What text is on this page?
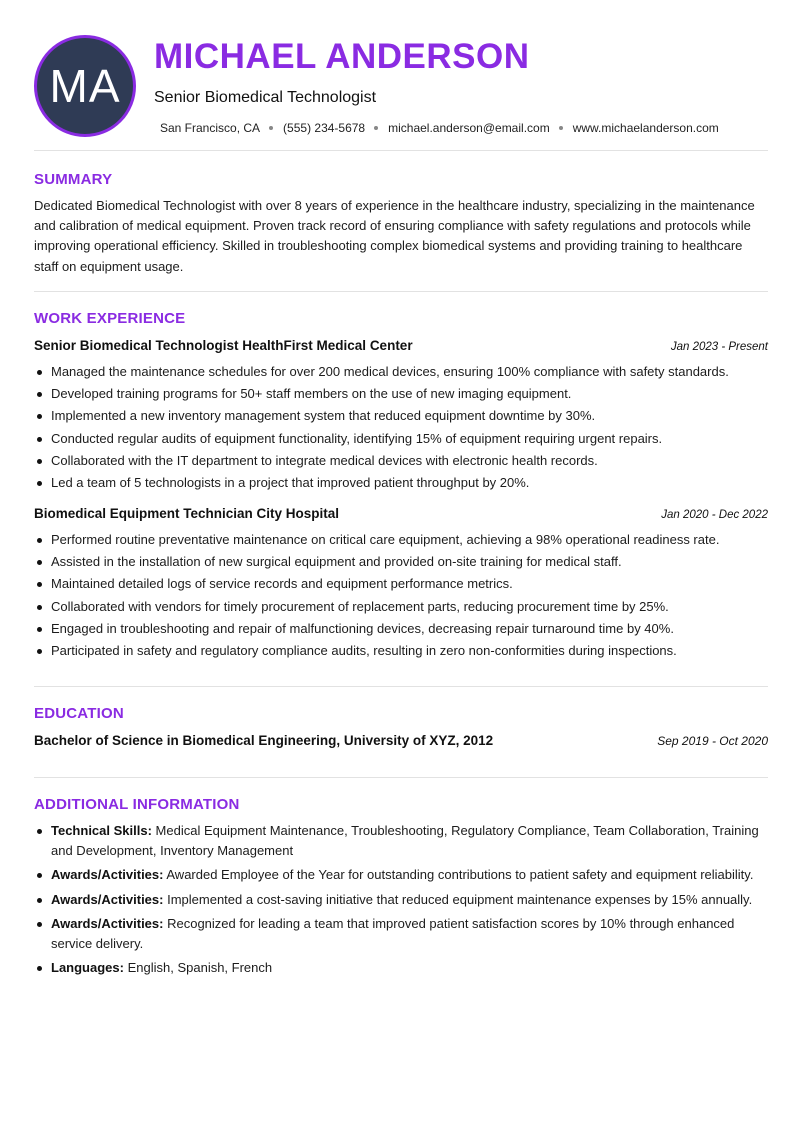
MA
MICHAEL ANDERSON
Senior Biomedical Technologist
San Francisco, CA (555) 234-5678 michael.anderson@email.com www.michaelanderson.com
SUMMARY
Dedicated Biomedical Technologist with over 8 years of experience in the healthcare industry, specializing in the maintenance and calibration of medical equipment. Proven track record of ensuring compliance with safety regulations and protocols while improving operational efficiency. Skilled in troubleshooting complex biomedical systems and providing training to healthcare staff on equipment usage.
WORK EXPERIENCE
Senior Biomedical Technologist HealthFirst Medical Center	Jan 2023 - Present
Managed the maintenance schedules for over 200 medical devices, ensuring 100% compliance with safety standards.
Developed training programs for 50+ staff members on the use of new imaging equipment.
Implemented a new inventory management system that reduced equipment downtime by 30%.
Conducted regular audits of equipment functionality, identifying 15% of equipment requiring urgent repairs.
Collaborated with the IT department to integrate medical devices with electronic health records.
Led a team of 5 technologists in a project that improved patient throughput by 20%.
Biomedical Equipment Technician City Hospital	Jan 2020 - Dec 2022
Performed routine preventative maintenance on critical care equipment, achieving a 98% operational readiness rate.
Assisted in the installation of new surgical equipment and provided on-site training for medical staff.
Maintained detailed logs of service records and equipment performance metrics.
Collaborated with vendors for timely procurement of replacement parts, reducing procurement time by 25%.
Engaged in troubleshooting and repair of malfunctioning devices, decreasing repair turnaround time by 40%.
Participated in safety and regulatory compliance audits, resulting in zero non-conformities during inspections.
EDUCATION
Bachelor of Science in Biomedical Engineering, University of XYZ, 2012	Sep 2019 - Oct 2020
ADDITIONAL INFORMATION
Technical Skills: Medical Equipment Maintenance, Troubleshooting, Regulatory Compliance, Team Collaboration, Training and Development, Inventory Management
Awards/Activities: Awarded Employee of the Year for outstanding contributions to patient safety and equipment reliability.
Awards/Activities: Implemented a cost-saving initiative that reduced equipment maintenance expenses by 15% annually.
Awards/Activities: Recognized for leading a team that improved patient satisfaction scores by 10% through enhanced service delivery.
Languages: English, Spanish, French
